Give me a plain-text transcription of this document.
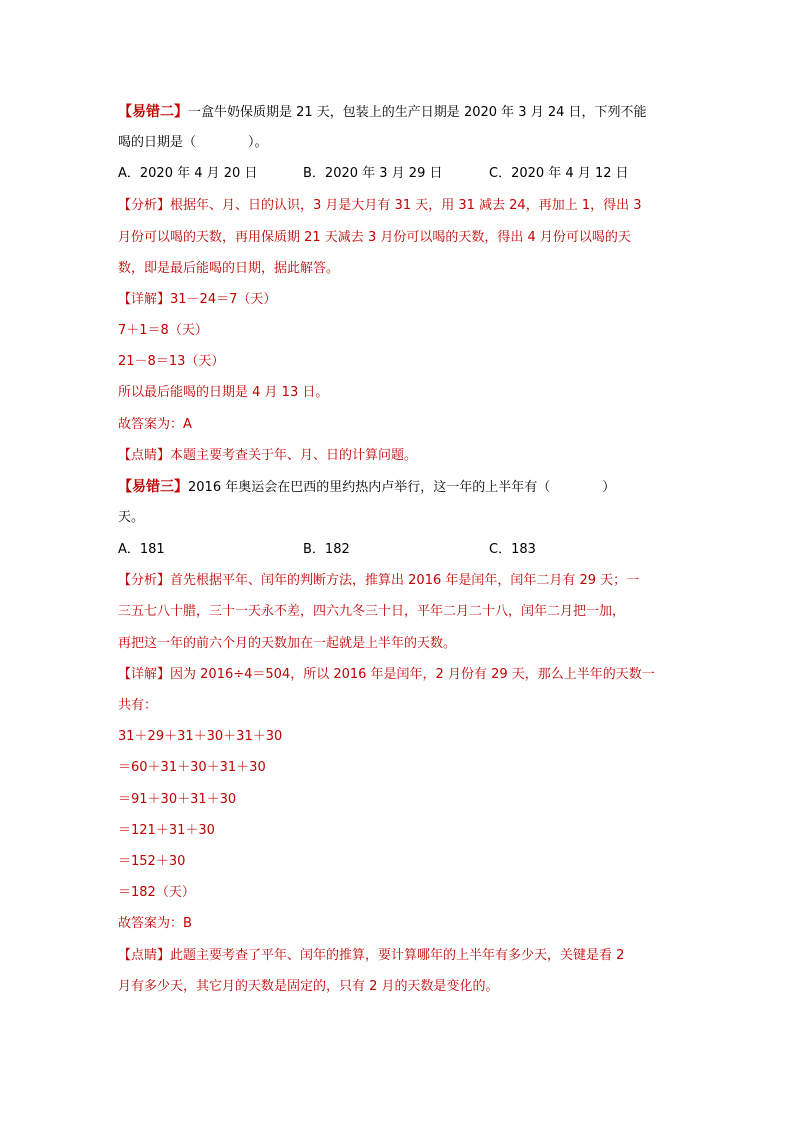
【易错二】一盒牛奶保质期是 21 天，包装上的生产日期是 2020 年 3 月 24 日，下列不能
喝的日期是（　　　　）。
A．2020 年 4 月 20 日	B．2020 年 3 月 29 日	C．2020 年 4 月 12 日
【分析】根据年、月、日的认识，3 月是大月有 31 天，用 31 减去 24，再加上 1，得出 3
月份可以喝的天数，再用保质期 21 天减去 3 月份可以喝的天数，得出 4 月份可以喝的天
数，即是最后能喝的日期，据此解答。
【详解】31－24＝7（天）
7＋1＝8（天）
21－8＝13（天）
所以最后能喝的日期是 4 月 13 日。
故答案为：A
【点睛】本题主要考查关于年、月、日的计算问题。
【易错三】2016 年奥运会在巴西的里约热内卢举行，这一年的上半年有（　　　　）
天。
A．181	B．182	C．183
【分析】首先根据平年、闰年的判断方法，推算出 2016 年是闰年，闰年二月有 29 天；一
三五七八十腊，三十一天永不差，四六九冬三十日，平年二月二十八，闰年二月把一加，
再把这一年的前六个月的天数加在一起就是上半年的天数。
【详解】因为 2016÷4＝504，所以 2016 年是闰年，2 月份有 29 天，那么上半年的天数一
共有：
31＋29＋31＋30＋31＋30
＝60＋31＋30＋31＋30
＝91＋30＋31＋30
＝121＋31＋30
＝152＋30
＝182（天）
故答案为：B
【点睛】此题主要考查了平年、闰年的推算，要计算哪年的上半年有多少天，关键是看 2
月有多少天，其它月的天数是固定的，只有 2 月的天数是变化的。
